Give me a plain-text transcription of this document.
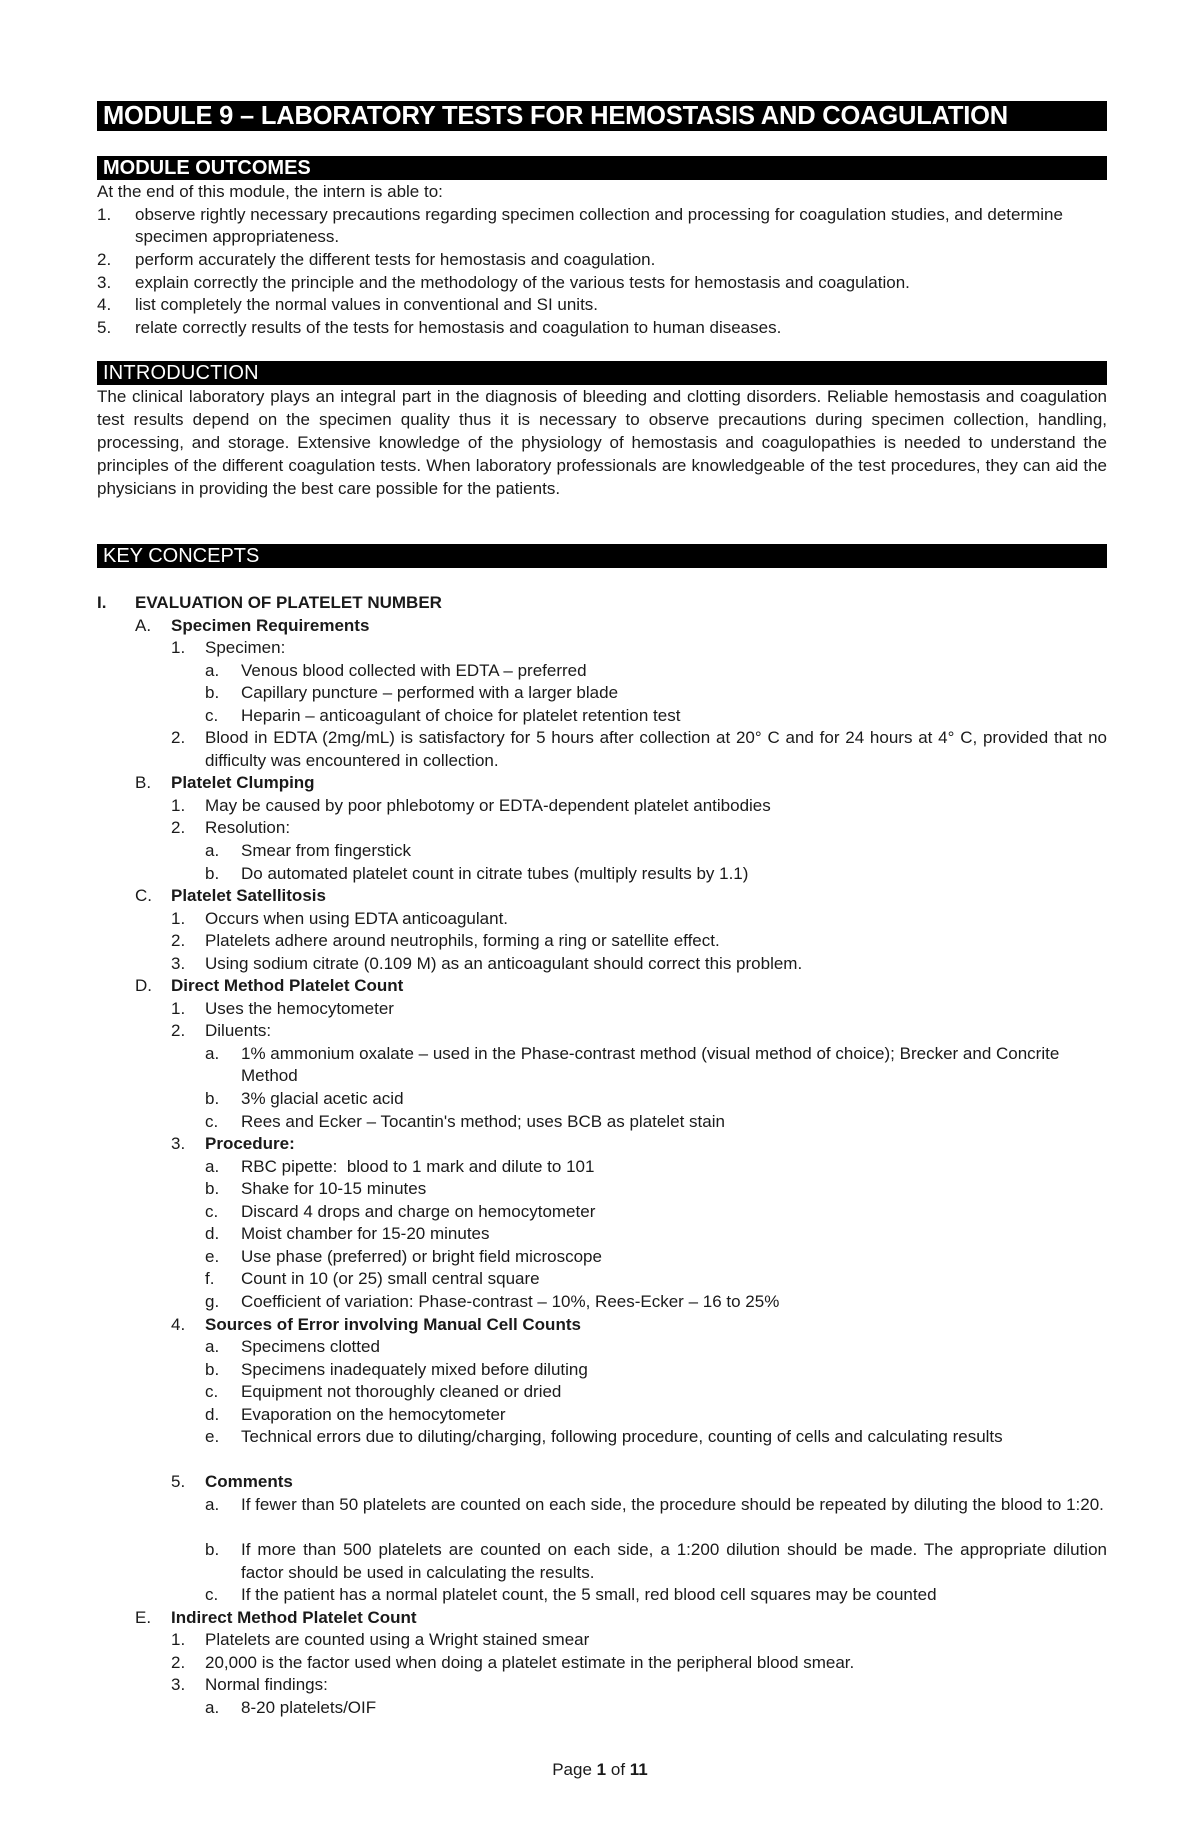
MODULE 9 – LABORATORY TESTS FOR HEMOSTASIS AND COAGULATION
MODULE OUTCOMES
At the end of this module, the intern is able to:
1. observe rightly necessary precautions regarding specimen collection and processing for coagulation studies, and determine specimen appropriateness.
2. perform accurately the different tests for hemostasis and coagulation.
3. explain correctly the principle and the methodology of the various tests for hemostasis and coagulation.
4. list completely the normal values in conventional and SI units.
5. relate correctly results of the tests for hemostasis and coagulation to human diseases.
INTRODUCTION

The clinical laboratory plays an integral part in the diagnosis of bleeding and clotting disorders. Reliable hemostasis and coagulation test results depend on the specimen quality thus it is necessary to observe precautions during specimen collection, handling, processing, and storage. Extensive knowledge of the physiology of hemostasis and coagulopathies is needed to understand the principles of the different coagulation tests. When laboratory professionals are knowledgeable of the test procedures, they can aid the physicians in providing the best care possible for the patients.

KEY CONCEPTS
I. EVALUATION OF PLATELET NUMBER
A. Specimen Requirements
1. Specimen:
a. Venous blood collected with EDTA – preferred
b. Capillary puncture – performed with a larger blade
c. Heparin – anticoagulant of choice for platelet retention test
2. Blood in EDTA (2mg/mL) is satisfactory for 5 hours after collection at 20° C and for 24 hours at 4° C, provided that no difficulty was encountered in collection.
B. Platelet Clumping
1. May be caused by poor phlebotomy or EDTA-dependent platelet antibodies
2. Resolution:
a. Smear from fingerstick
b. Do automated platelet count in citrate tubes (multiply results by 1.1)
C. Platelet Satellitosis
1. Occurs when using EDTA anticoagulant.
2. Platelets adhere around neutrophils, forming a ring or satellite effect.
3. Using sodium citrate (0.109 M) as an anticoagulant should correct this problem.
D. Direct Method Platelet Count
1. Uses the hemocytometer
2. Diluents:
a. 1% ammonium oxalate – used in the Phase-contrast method (visual method of choice); Brecker and Concrite Method
b. 3% glacial acetic acid
c. Rees and Ecker – Tocantin's method; uses BCB as platelet stain
3. Procedure:
a. RBC pipette:  blood to 1 mark and dilute to 101
b. Shake for 10-15 minutes
c. Discard 4 drops and charge on hemocytometer
d. Moist chamber for 15-20 minutes
e. Use phase (preferred) or bright field microscope
f. Count in 10 (or 25) small central square
g. Coefficient of variation: Phase-contrast – 10%, Rees-Ecker – 16 to 25%
4. Sources of Error involving Manual Cell Counts
a. Specimens clotted
b. Specimens inadequately mixed before diluting
c. Equipment not thoroughly cleaned or dried
d. Evaporation on the hemocytometer
e. Technical errors due to diluting/charging, following procedure, counting of cells and calculating results
5. Comments
a. If fewer than 50 platelets are counted on each side, the procedure should be repeated by diluting the blood to 1:20.
b. If more than 500 platelets are counted on each side, a 1:200 dilution should be made. The appropriate dilution factor should be used in calculating the results.
c. If the patient has a normal platelet count, the 5 small, red blood cell squares may be counted
E. Indirect Method Platelet Count
1. Platelets are counted using a Wright stained smear
2. 20,000 is the factor used when doing a platelet estimate in the peripheral blood smear.
3. Normal findings:
a. 8-20 platelets/OIF
Page 1 of 11
